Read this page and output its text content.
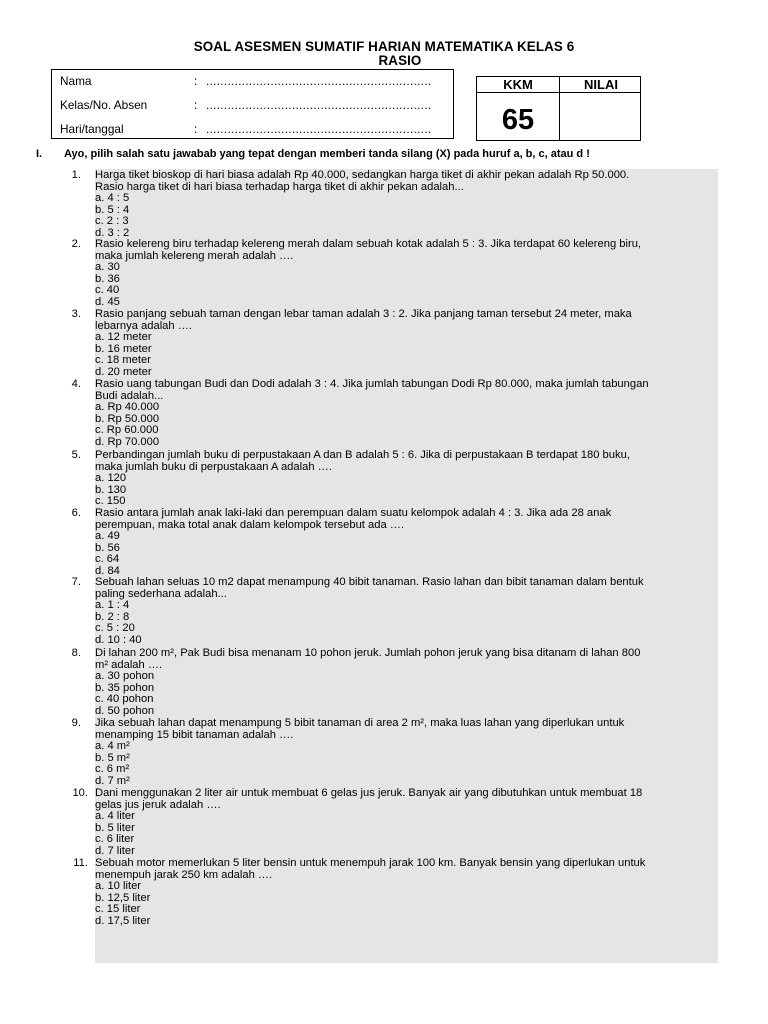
SOAL ASESMEN SUMATIF HARIAN MATEMATIKA KELAS 6
RASIO
Nama	: ...............................................................
Kelas/No. Absen	: ...............................................................
Hari/tanggal	: ...............................................................
KKM	NILAI
65
I. Ayo, pilih salah satu jawabab yang tepat dengan memberi tanda silang (X) pada huruf a, b, c, atau d !
1. Harga tiket bioskop di hari biasa adalah Rp 40.000, sedangkan harga tiket di akhir pekan adalah Rp 50.000.
Rasio harga tiket di hari biasa terhadap harga tiket di akhir pekan adalah...
a. 4 : 5
b. 5 : 4
c. 2 : 3
d. 3 : 2
2. Rasio kelereng biru terhadap kelereng merah dalam sebuah kotak adalah 5 : 3. Jika terdapat 60 kelereng biru,
maka jumlah kelereng merah adalah ….
a. 30
b. 36
c. 40
d. 45
3. Rasio panjang sebuah taman dengan lebar taman adalah 3 : 2. Jika panjang taman tersebut 24 meter, maka
lebarnya adalah ….
a. 12 meter
b. 16 meter
c. 18 meter
d. 20 meter
4. Rasio uang tabungan Budi dan Dodi adalah 3 : 4. Jika jumlah tabungan Dodi Rp 80.000, maka jumlah tabungan
Budi adalah...
a. Rp 40.000
b. Rp 50.000
c. Rp 60.000
d. Rp 70.000
5. Perbandingan jumlah buku di perpustakaan A dan B adalah 5 : 6. Jika di perpustakaan B terdapat 180 buku,
maka jumlah buku di perpustakaan A adalah ….
a. 120
b. 130
c. 150
6. Rasio antara jumlah anak laki-laki dan perempuan dalam suatu kelompok adalah 4 : 3. Jika ada 28 anak
perempuan, maka total anak dalam kelompok tersebut ada ….
a. 49
b. 56
c. 64
d. 84
7. Sebuah lahan seluas 10 m2 dapat menampung 40 bibit tanaman. Rasio lahan dan bibit tanaman dalam bentuk
paling sederhana adalah...
a. 1 : 4
b. 2 : 8
c. 5 : 20
d. 10 : 40
8. Di lahan 200 m², Pak Budi bisa menanam 10 pohon jeruk. Jumlah pohon jeruk yang bisa ditanam di lahan 800
m² adalah ….
a. 30 pohon
b. 35 pohon
c. 40 pohon
d. 50 pohon
9. Jika sebuah lahan dapat menampung 5 bibit tanaman di area 2 m², maka luas lahan yang diperlukan untuk
menamping 15 bibit tanaman adalah ….
a. 4 m²
b. 5 m²
c. 6 m²
d. 7 m²
10. Dani menggunakan 2 liter air untuk membuat 6 gelas jus jeruk. Banyak air yang dibutuhkan untuk membuat 18
gelas jus jeruk adalah ….
a. 4 liter
b. 5 liter
c. 6 liter
d. 7 liter
11. Sebuah motor memerlukan 5 liter bensin untuk menempuh jarak 100 km. Banyak bensin yang diperlukan untuk
menempuh jarak 250 km adalah ….
a. 10 liter
b. 12,5 liter
c. 15 liter
d. 17,5 liter
